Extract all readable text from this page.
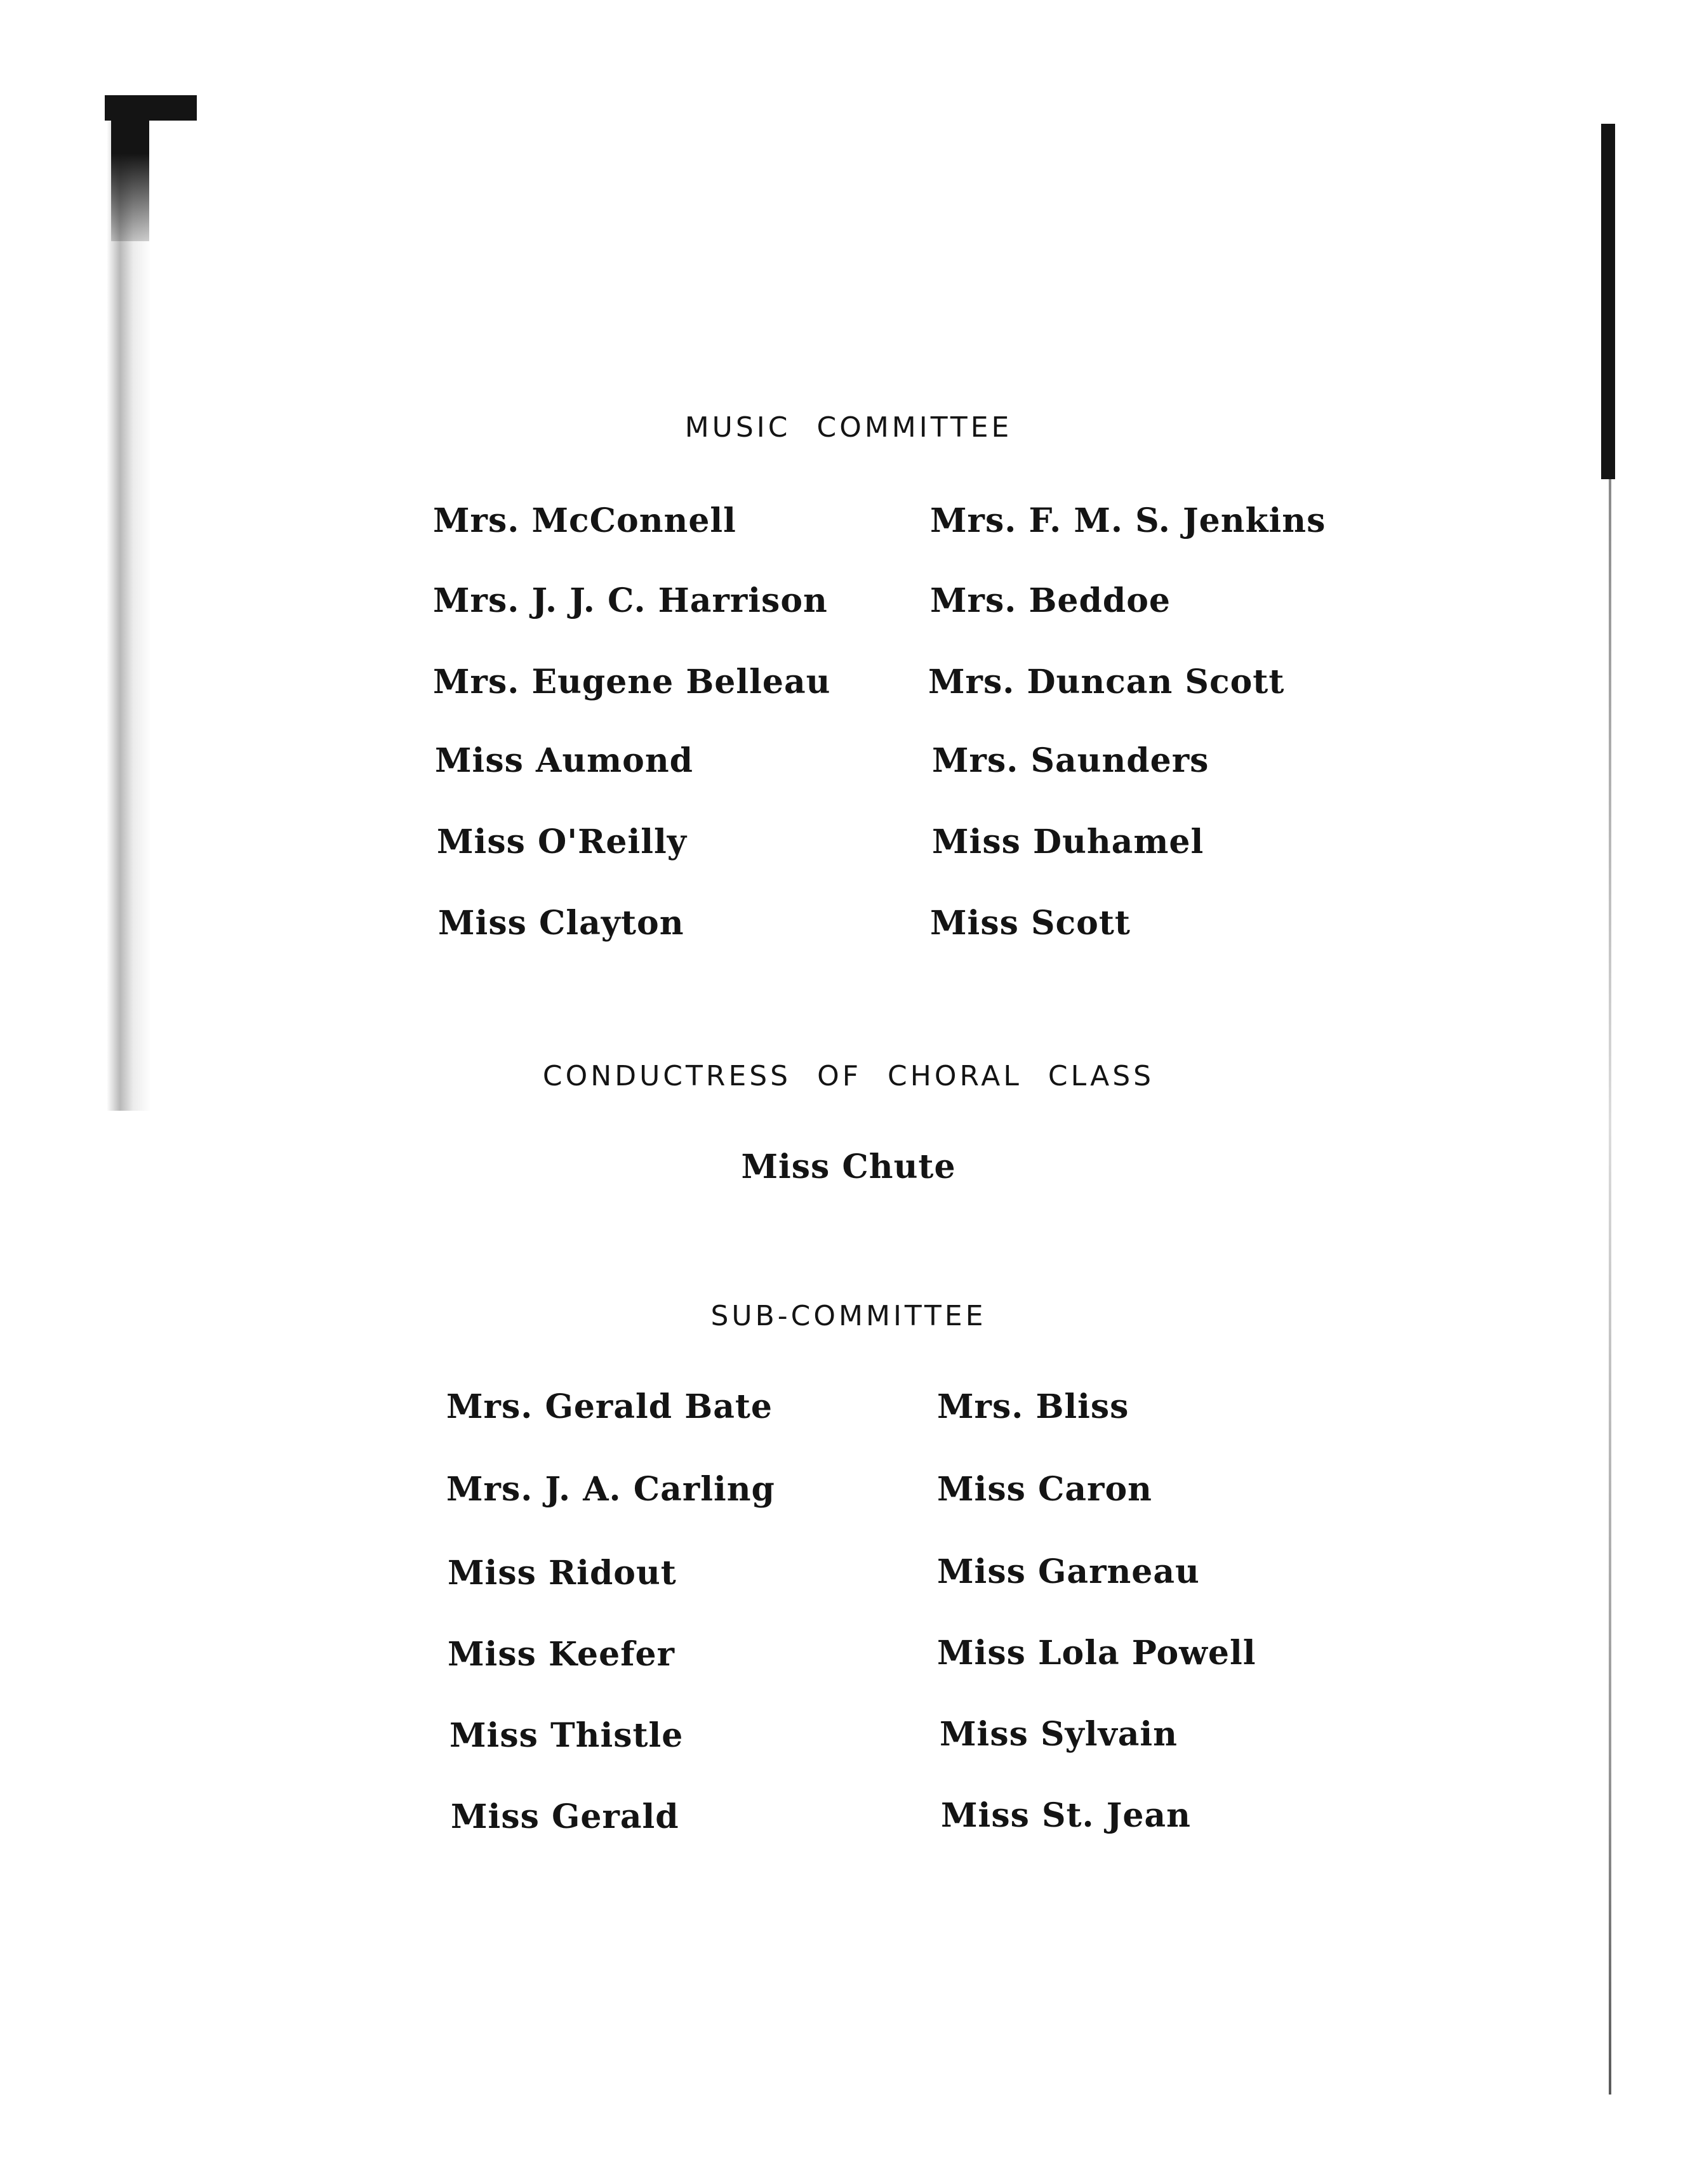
MUSIC COMMITTEE
Mrs. McConnell
Mrs. J. J. C. Harrison
Mrs. Eugene Belleau
Miss Aumond
Miss O'Reilly
Miss Clayton
Mrs. F. M. S. Jenkins
Mrs. Beddoe
Mrs. Duncan Scott
Mrs. Saunders
Miss Duhamel
Miss Scott
CONDUCTRESS OF CHORAL CLASS
Miss Chute
SUB-COMMITTEE
Mrs. Gerald Bate
Mrs. J. A. Carling
Miss Ridout
Miss Keefer
Miss Thistle
Miss Gerald
Mrs. Bliss
Miss Caron
Miss Garneau
Miss Lola Powell
Miss Sylvain
Miss St. Jean
